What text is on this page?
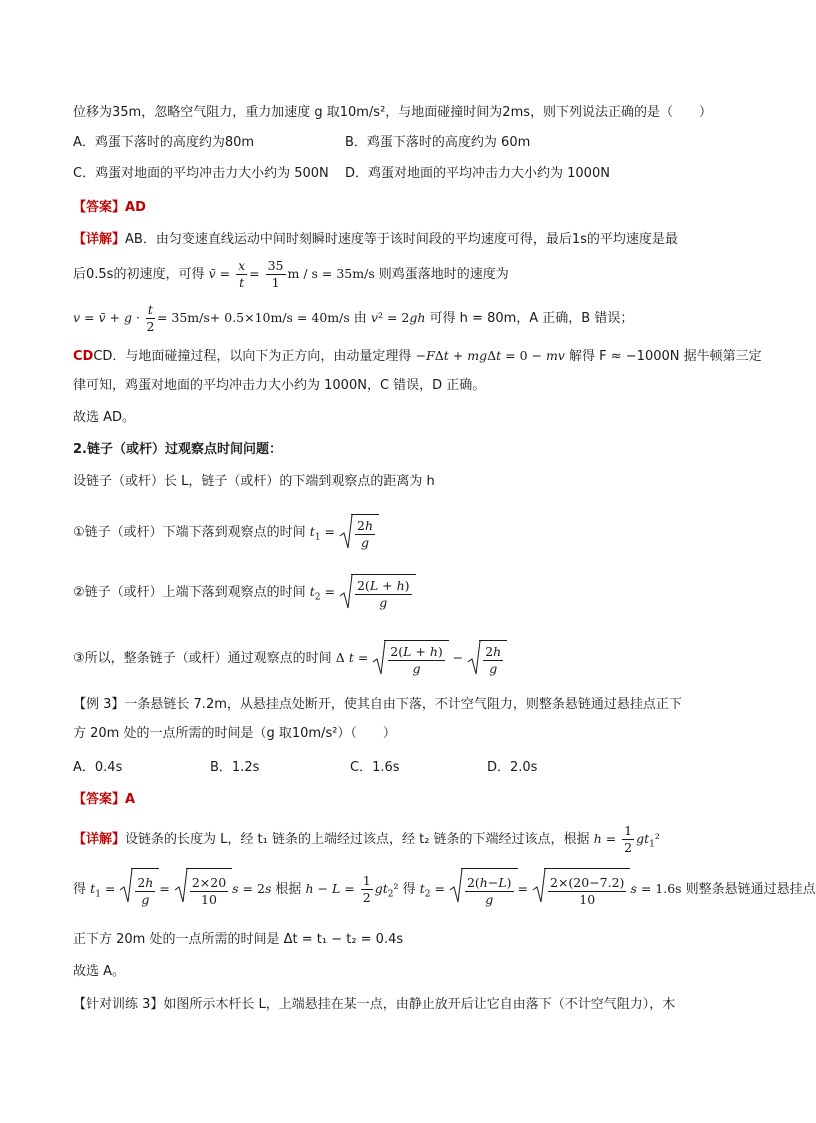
位移为35m，忽略空气阻力，重力加速度 g 取10m/s²，与地面碰撞时间为2ms，则下列说法正确的是（　　）
A．鸡蛋下落时的高度约为80m	B．鸡蛋下落时的高度约为 60m
C．鸡蛋对地面的平均冲击力大小约为 500N D．鸡蛋对地面的平均冲击力大小约为 1000N
【答案】AD
【详解】AB．由匀变速直线运动中间时刻瞬时速度等于该时间段的平均速度可得，最后1s的平均速度是最
后0.5s的初速度，可得 v̄ = $\frac{x}{t} = \frac{35}{1}$ m / s = 35m/s 则鸡蛋落地时的速度为
v = v̄ + $g \cdot \frac{t}{2} = 35m/s+ 0.5\times 10m/s = 40m/s$ 由 v² = 2gh 可得 h = 80m，A 正确，B 错误；
CDCD．与地面碰撞过程，以向下为正方向，由动量定理得 −FΔt + mgΔt = 0 − mv 解得 F ≈ −1000N 据牛顿第三定
律可知，鸡蛋对地面的平均冲击力大小约为 1000N，C 错误，D 正确。
故选 AD。
2.链子（或杆）过观察点时间问题：
设链子（或杆）长 L，链子（或杆）的下端到观察点的距离为 h
①链子（或杆）下端下落到观察点的时间 $t_1 = \frac{2h}{g}$
②链子（或杆）上端下落到观察点的时间 $t_2 = \frac{2(L + h)}{g}$
③所以，整条链子（或杆）通过观察点的时间 Δ $t = \frac{2(L + h)}{g} - \frac{2h}{g}$
【例 3】一条悬链长 7.2m，从悬挂点处断开，使其自由下落，不计空气阻力，则整条悬链通过悬挂点正下
方 20m 处的一点所需的时间是（g 取10m/s²）（　　）
A．0.4s	B．1.2s	C．1.6s	D．2.0s
【答案】A
【详解】设链条的长度为 L，经 t₁ 链条的上端经过该点，经 t₂ 链条的下端经过该点，根据 $h = \frac{1}{2} gt_1^2$
得 $t_1 = \frac{2h}{g} = \frac{2\times 20}{10}$ s = 2s 根据 $h - L = \frac{1}{2} gt_2^2$ 得 $t_2 = \frac{2(h-L)}{g} = \frac{2\times(20-7.2)}{10}$ s = 1.6s 则整条悬链通过悬挂点
正下方 20m 处的一点所需的时间是 Δt = t₁ − t₂ = 0.4s
故选 A。
【针对训练 3】如图所示木杆长 L，上端悬挂在某一点，由静止放开后让它自由落下（不计空气阻力），木
